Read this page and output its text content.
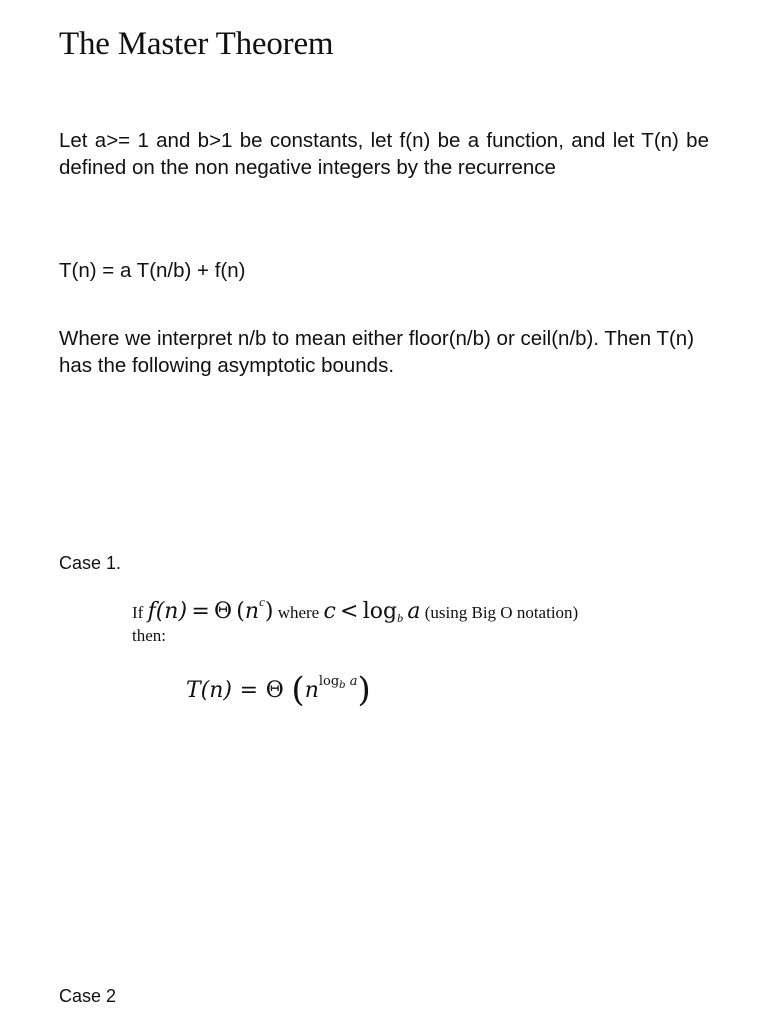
The Master Theorem

Let a>= 1 and b>1 be constants, let f(n) be a function, and let T(n) be defined on the non negative integers by the recurrence

T(n) = a T(n/b) + f(n)

Where we interpret n/b to mean either floor(n/b) or ceil(n/b). Then T(n) has the following asymptotic bounds.

Case 1.

If f(n) = Θ $(n^c)$ where $c < \log_b a$ (using Big O notation)
then:
T(n) = Θ $(n^{log_b a})$

Case 2
